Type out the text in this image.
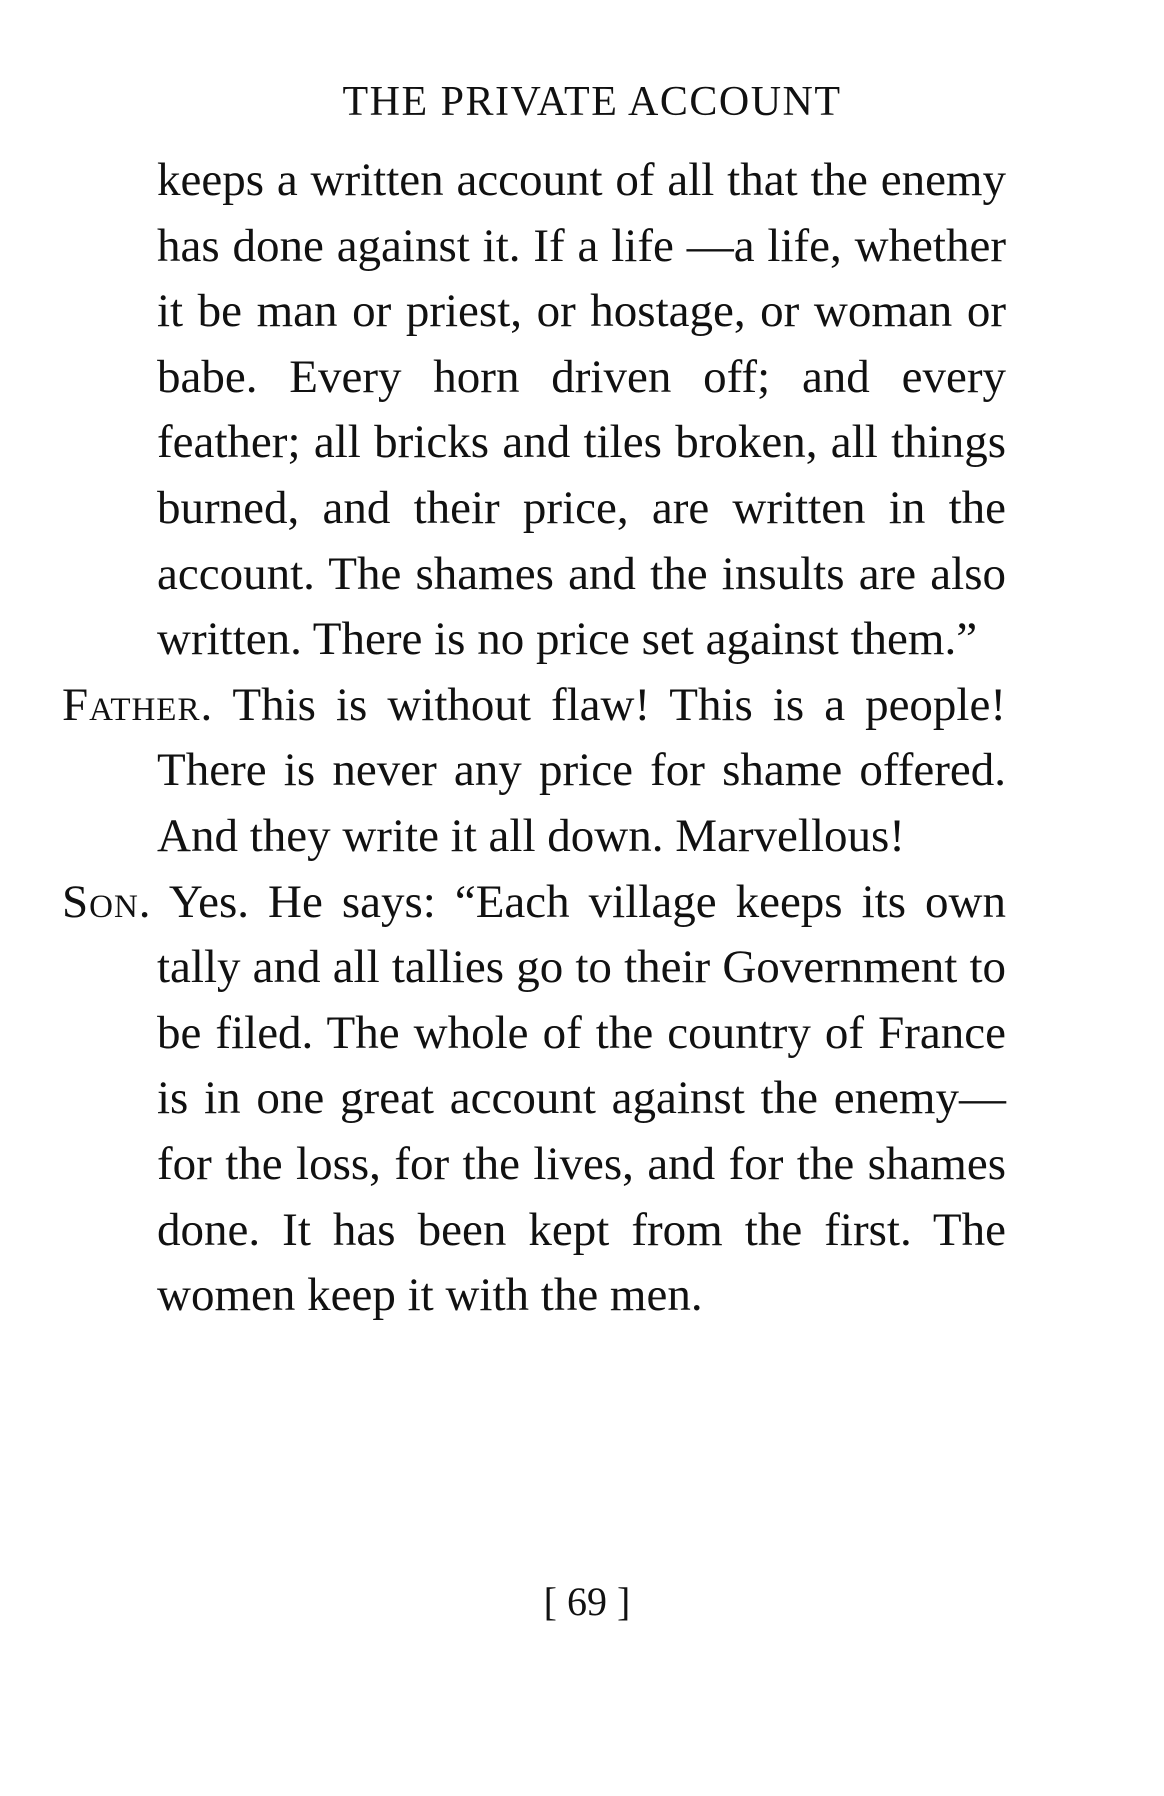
THE PRIVATE ACCOUNT

keeps a written account of all that the enemy has done against it. If a life —a life, whether it be man or priest, or hostage, or woman or babe. Every horn driven off; and every feather; all bricks and tiles broken, all things burned, and their price, are written in the account. The shames and the insults are also written. There is no price set against them.”

Father. This is without flaw! This is a people! There is never any price for shame offered. And they write it all down. Marvellous!

Son. Yes. He says: “Each village keeps its own tally and all tallies go to their Government to be filed. The whole of the country of France is in one great account against the enemy—for the loss, for the lives, and for the shames done. It has been kept from the first. The women keep it with the men.

[ 69 ]
